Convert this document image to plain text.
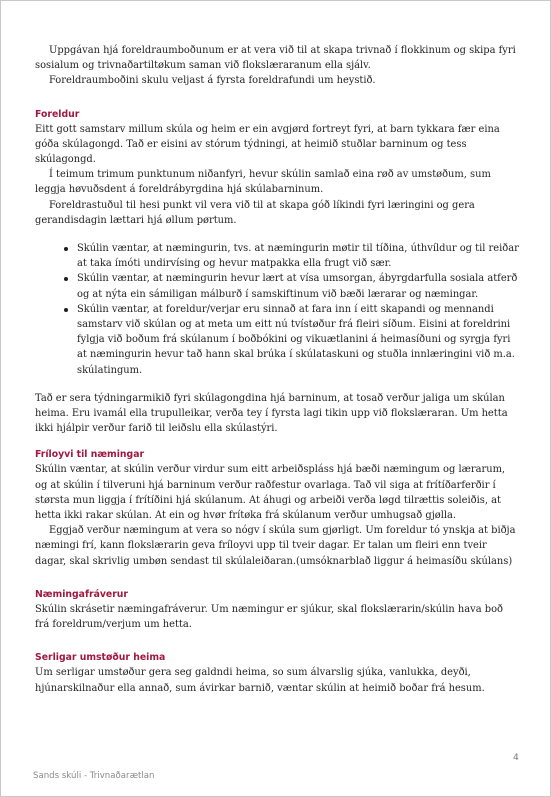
Uppgávan hjá foreldraumboðunum er at vera við til at skapa trivnað í flokkinum og skipa fyri sosialum og trivnaðartiltøkum saman við flokslæraranum ella sjálv.

Foreldraumboðini skulu veljast á fyrsta foreldrafundi um heystið.

Foreldur

Eitt gott samstarv millum skúla og heim er ein avgjørd fortreyt fyri, at barn tykkara fær eina góða skúlagongd. Tað er eisini av stórum týdningi, at heimið stuðlar barninum og tess skúlagongd.

Í teimum trimum punktunum niðanfyri, hevur skúlin samlað eina røð av umstøðum, sum leggja høvuðsdent á foreldrábyrgdina hjá skúlabarninum.

Foreldrastuðul til hesi punkt vil vera við til at skapa góð líkindi fyri læringini og gera gerandisdagin lættari hjá øllum pørtum.

Skúlin væntar, at næmingurin, tvs. at næmingurin møtir til tíðina, úthvíldur og til reiðar at taka ímóti undirvísing og hevur matpakka ella frugt við sær.
Skúlin væntar, at næmingurin hevur lært at vísa umsorgan, ábyrgdarfulla sosiala atferð og at nýta ein sámiligan málburð í samskiftinum við bæði lærarar og næmingar.
Skúlin væntar, at foreldur/verjar eru sinnað at fara inn í eitt skapandi og mennandi samstarv við skúlan og at meta um eitt nú tvístøður frá fleiri síðum. Eisini at foreldrini fylgja við boðum frá skúlanum í boðbókini og vikuætlanini á heimasíðuni og syrgja fyri at næmingurin hevur tað hann skal brúka í skúlataskuni og stuðla innlæringini við m.a. skúlatingum.

Tað er sera týdningarmikið fyri skúlagongdina hjá barninum, at tosað verður jaliga um skúlan heima. Eru ivamál ella trupulleikar, verða tey í fyrsta lagi tikin upp við flokslæraran. Um hetta ikki hjálpir verður farið til leiðslu ella skúlastýri.

Fríloyvi til næmingar

Skúlin væntar, at skúlin verður virdur sum eitt arbeiðspláss hjá bæði næmingum og lærarum, og at skúlin í tilveruni hjá barninum verður raðfestur ovarlaga. Tað vil siga at frítíðarferðir í størsta mun liggja í frítíðini hjá skúlanum. At áhugi og arbeiði verða løgd tilrættis soleiðis, at hetta ikki rakar skúlan. At ein og hvør frítøka frá skúlanum verður umhugsað gjølla.

Eggjað verður næmingum at vera so nógv í skúla sum gjørligt. Um foreldur tó ynskja at biðja næmingi frí, kann flokslærarin geva fríloyvi upp til tveir dagar. Er talan um fleiri enn tveir dagar, skal skrivlig umbøn sendast til skúlaleiðaran.(umsóknarblað liggur á heimasíðu skúlans)

Næmingafráverur

Skúlin skrásetir næmingafráverur. Um næmingur er sjúkur, skal flokslærarin/skúlin hava boð frá foreldrum/verjum um hetta.

Serligar umstøður heima

Um serligar umstøður gera seg galdndi heima, so sum álvarslig sjúka, vanlukka, deyði, hjúnarskilnaður ella annað, sum ávirkar barnið, væntar skúlin at heimið boðar frá hesum.

4
Sands skúli - Trivnaðarætlan
